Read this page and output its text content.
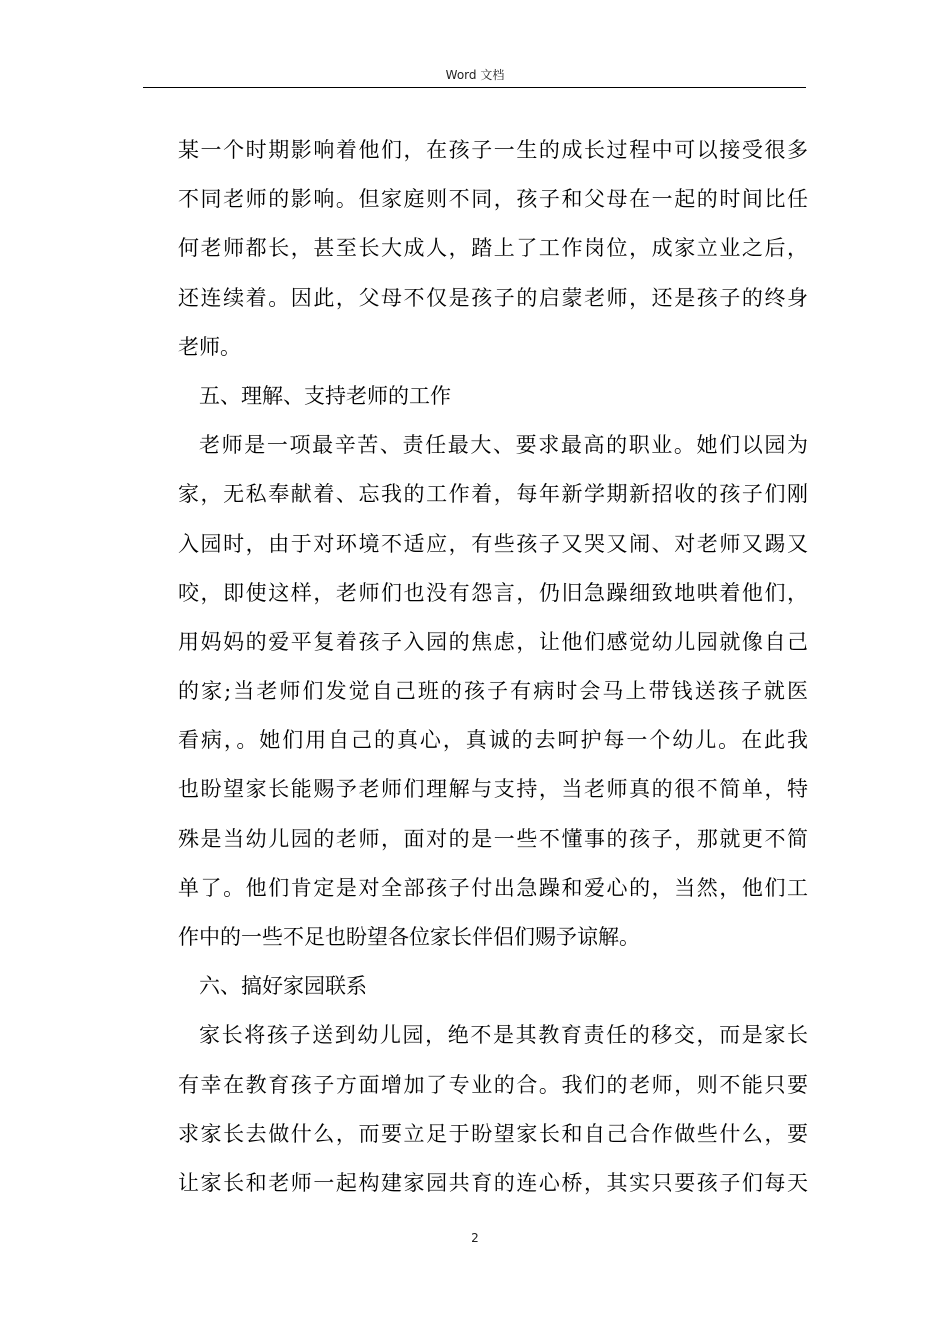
Word 文档
某一个时期影响着他们，在孩子一生的成长过程中可以接受很多
不同老师的影响。但家庭则不同，孩子和父母在一起的时间比任
何老师都长，甚至长大成人，踏上了工作岗位，成家立业之后，
还连续着。因此，父母不仅是孩子的启蒙老师，还是孩子的终身
老师。
五、理解、支持老师的工作
老师是一项最辛苦、责任最大、要求最高的职业。她们以园为
家，无私奉献着、忘我的工作着，每年新学期新招收的孩子们刚
入园时，由于对环境不适应，有些孩子又哭又闹、对老师又踢又
咬，即使这样，老师们也没有怨言，仍旧急躁细致地哄着他们，
用妈妈的爱平复着孩子入园的焦虑，让他们感觉幼儿园就像自己
的家;当老师们发觉自己班的孩子有病时会马上带钱送孩子就医
看病，。她们用自己的真心，真诚的去呵护每一个幼儿。在此我
也盼望家长能赐予老师们理解与支持，当老师真的很不简单，特
殊是当幼儿园的老师，面对的是一些不懂事的孩子，那就更不简
单了。他们肯定是对全部孩子付出急躁和爱心的，当然，他们工
作中的一些不足也盼望各位家长伴侣们赐予谅解。
六、搞好家园联系
家长将孩子送到幼儿园，绝不是其教育责任的移交，而是家长
有幸在教育孩子方面增加了专业的合。我们的老师，则不能只要
求家长去做什么，而要立足于盼望家长和自己合作做些什么，要
让家长和老师一起构建家园共育的连心桥，其实只要孩子们每天
2
